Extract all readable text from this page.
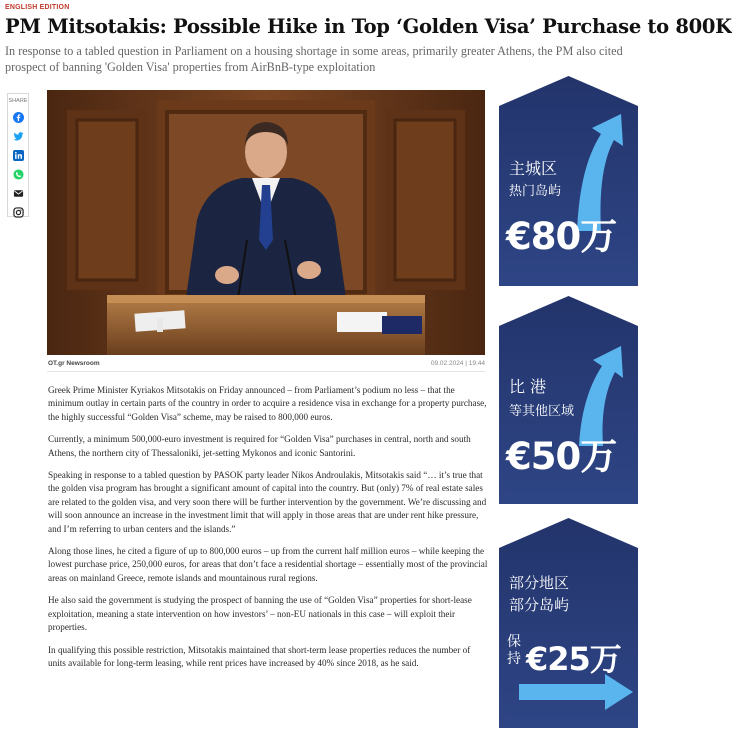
ENGLISH EDITION
PM Mitsotakis: Possible Hike in Top ‘Golden Visa’ Purchase to 800K

In response to a tabled question in Parliament on a housing shortage in some areas, primarily greater Athens, the PM also cited prospect of banning 'Golden Visa' properties from AirBnB-type exploitation

SHARE
OT.gr Newsroom	09.02.2024 | 19:44

Greek Prime Minister Kyriakos Mitsotakis on Friday announced – from Parliament’s podium no less – that the minimum outlay in certain parts of the country in order to acquire a residence visa in exchange for a property purchase, the highly successful “Golden Visa” scheme, may be raised to 800,000 euros.

Currently, a minimum 500,000-euro investment is required for “Golden Visa” purchases in central, north and south Athens, the northern city of Thessaloniki, jet-setting Mykonos and iconic Santorini.

Speaking in response to a tabled question by PASOK party leader Nikos Androulakis, Mitsotakis said “… it’s true that the golden visa program has brought a significant amount of capital into the country. But (only) 7% of real estate sales are related to the golden visa, and very soon there will be further intervention by the government. We’re discussing and will soon announce an increase in the investment limit that will apply in those areas that are under rent hike pressure, and I’m referring to urban centers and the islands.”

Along those lines, he cited a figure of up to 800,000 euros – up from the current half million euros – while keeping the lowest purchase price, 250,000 euros, for areas that don’t face a residential shortage – essentially most of the provincial areas on mainland Greece, remote islands and mountainous rural regions.

He also said the government is studying the prospect of banning the use of “Golden Visa” properties for short-lease exploitation, meaning a state intervention on how investors’ – non-EU nationals in this case – will exploit their properties.

In qualifying this possible restriction, Mitsotakis maintained that short-term lease properties reduces the number of units available for long-term leasing, while rent prices have increased by 40% since 2018, as he said.

主城区
热门岛屿
€80万
比 港
等其他区域
€50万
部分地区
部分岛屿
保持 €25万
